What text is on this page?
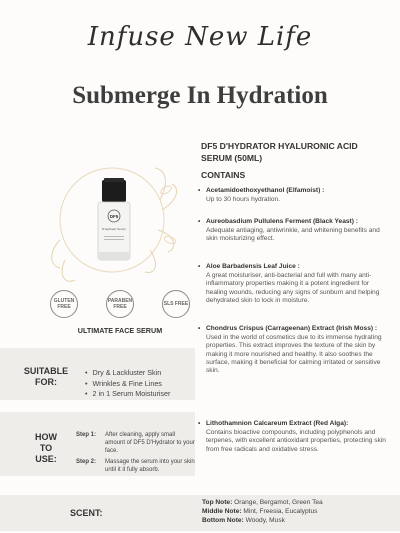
Infuse New Life
Submerge In Hydration
DF5
D'Hydrator Serum
GLUTEN FREE
PARABEN FREE	SLS FREE
ULTIMATE FACE SERUM
DF5 D'HYDRATOR HYALURONIC ACID SERUM (50ML)
CONTAINS
• Acetamidoethoxyethanol (Elfamoist) :
Up to 30 hours hydration.
• Aureobasdium Pullulens Ferment (Black Yeast) :
Adequate antiaging, antiwrinkle, and whitening benefits and skin moisturizing effect.
• Aloe Barbadensis Leaf Juice :
A great moisturiser, anti-bacterial and full with many anti-inflammatory properties making it a potent ingredient for healing wounds, reducing any signs of sunburn and helping dehydrated skin to lock in moisture.
• Chondrus Crispus (Carrageenan) Extract (Irish Moss) :
Used in the world of cosmetics due to its immense hydrating properties. This extract improves the texture of the skin by making it more nourished and healthy. It also soothes the surface, making it beneficial for calming irritated or sensitive skin.
• Lithothamnion Calcareum Extract (Red Alga):
Contains bioactive compounds, including polyphenols and terpenes, with excellent antioxidant properties, protecting skin from free radicals and oxidative stress.
SUITABLE
FOR:
• Dry & Lackluster Skin
• Wrinkles & Fine Lines
• 2 in 1 Serum Moisturiser
HOW
TO
USE:
Step 1:	After cleaning, apply small amount of DF5 D'Hydrator to your face.
Step 2:	Massage the serum into your skin until it it fully absorb.
SCENT:
Top Note: Orange, Bergamot, Green Tea
Middle Note: Mint, Freesia, Eucalyptus
Bottom Note: Woody, Musk
